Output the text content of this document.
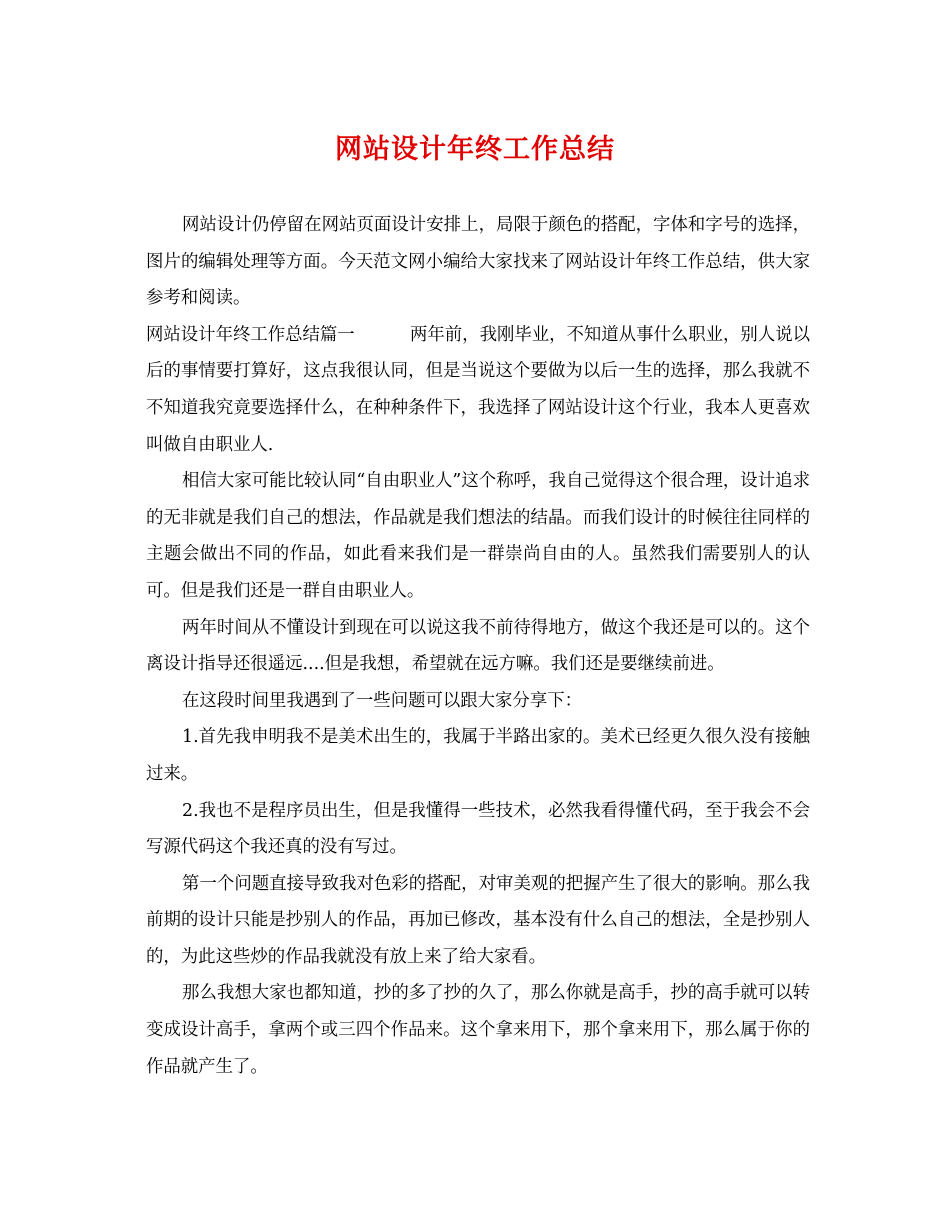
网站设计年终工作总结

网站设计仍停留在网站页面设计安排上，局限于颜色的搭配，字体和字号的选择，图片的编辑处理等方面。今天范文网小编给大家找来了网站设计年终工作总结，供大家参考和阅读。

网站设计年终工作总结篇一	两年前，我刚毕业，不知道从事什么职业，别人说以后的事情要打算好，这点我很认同，但是当说这个要做为以后一生的选择，那么我就不不知道我究竟要选择什么，在种种条件下，我选择了网站设计这个行业，我本人更喜欢叫做自由职业人.

相信大家可能比较认同“自由职业人”这个称呼，我自己觉得这个很合理，设计追求的无非就是我们自己的想法，作品就是我们想法的结晶。而我们设计的时候往往同样的主题会做出不同的作品，如此看来我们是一群崇尚自由的人。虽然我们需要别人的认可。但是我们还是一群自由职业人。

两年时间从不懂设计到现在可以说这我不前待得地方，做这个我还是可以的。这个离设计指导还很遥远....但是我想，希望就在远方嘛。我们还是要继续前进。

在这段时间里我遇到了一些问题可以跟大家分享下：

1.首先我申明我不是美术出生的，我属于半路出家的。美术已经更久很久没有接触过来。

2.我也不是程序员出生，但是我懂得一些技术，必然我看得懂代码，至于我会不会写源代码这个我还真的没有写过。

第一个问题直接导致我对色彩的搭配，对审美观的把握产生了很大的影响。那么我前期的设计只能是抄别人的作品，再加已修改，基本没有什么自己的想法，全是抄别人的，为此这些炒的作品我就没有放上来了给大家看。

那么我想大家也都知道，抄的多了抄的久了，那么你就是高手，抄的高手就可以转变成设计高手，拿两个或三四个作品来。这个拿来用下，那个拿来用下，那么属于你的作品就产生了。
